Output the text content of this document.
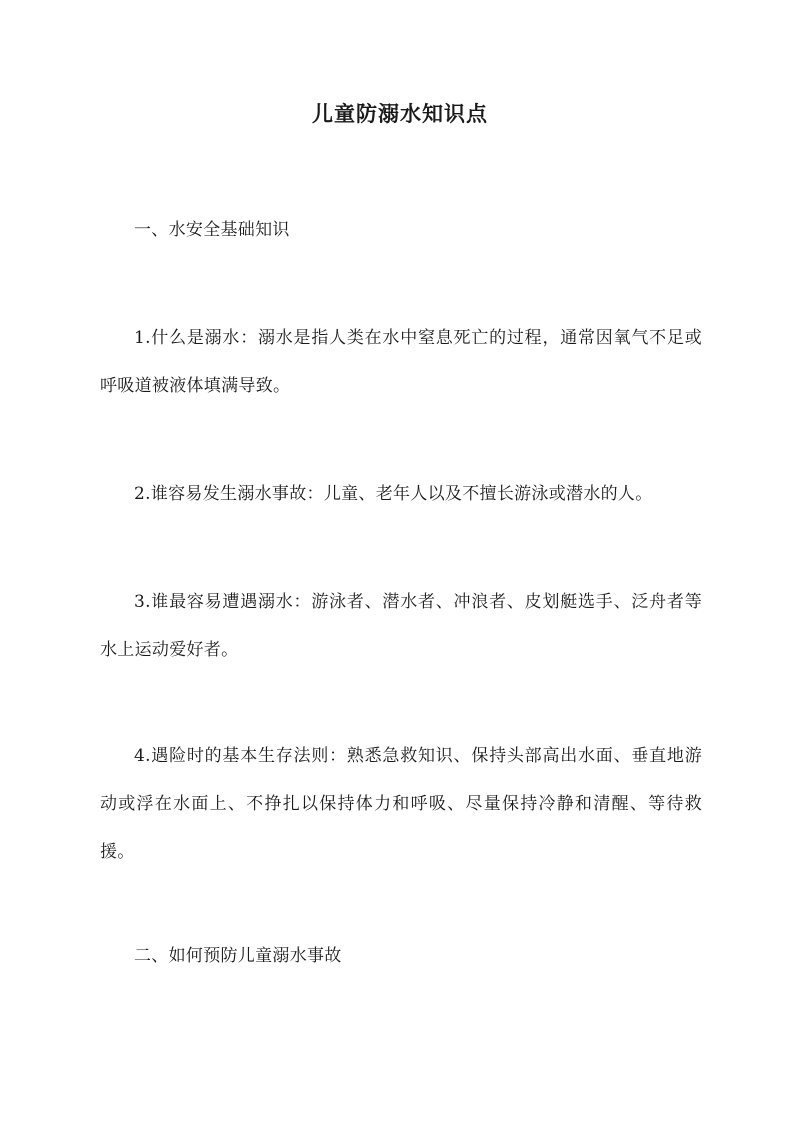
儿童防溺水知识点

一、水安全基础知识

1.什么是溺水：溺水是指人类在水中窒息死亡的过程，通常因氧气不足或呼吸道被液体填满导致。

2.谁容易发生溺水事故：儿童、老年人以及不擅长游泳或潜水的人。

3.谁最容易遭遇溺水：游泳者、潜水者、冲浪者、皮划艇选手、泛舟者等水上运动爱好者。

4.遇险时的基本生存法则：熟悉急救知识、保持头部高出水面、垂直地游动或浮在水面上、不挣扎以保持体力和呼吸、尽量保持冷静和清醒、等待救援。

二、如何预防儿童溺水事故
